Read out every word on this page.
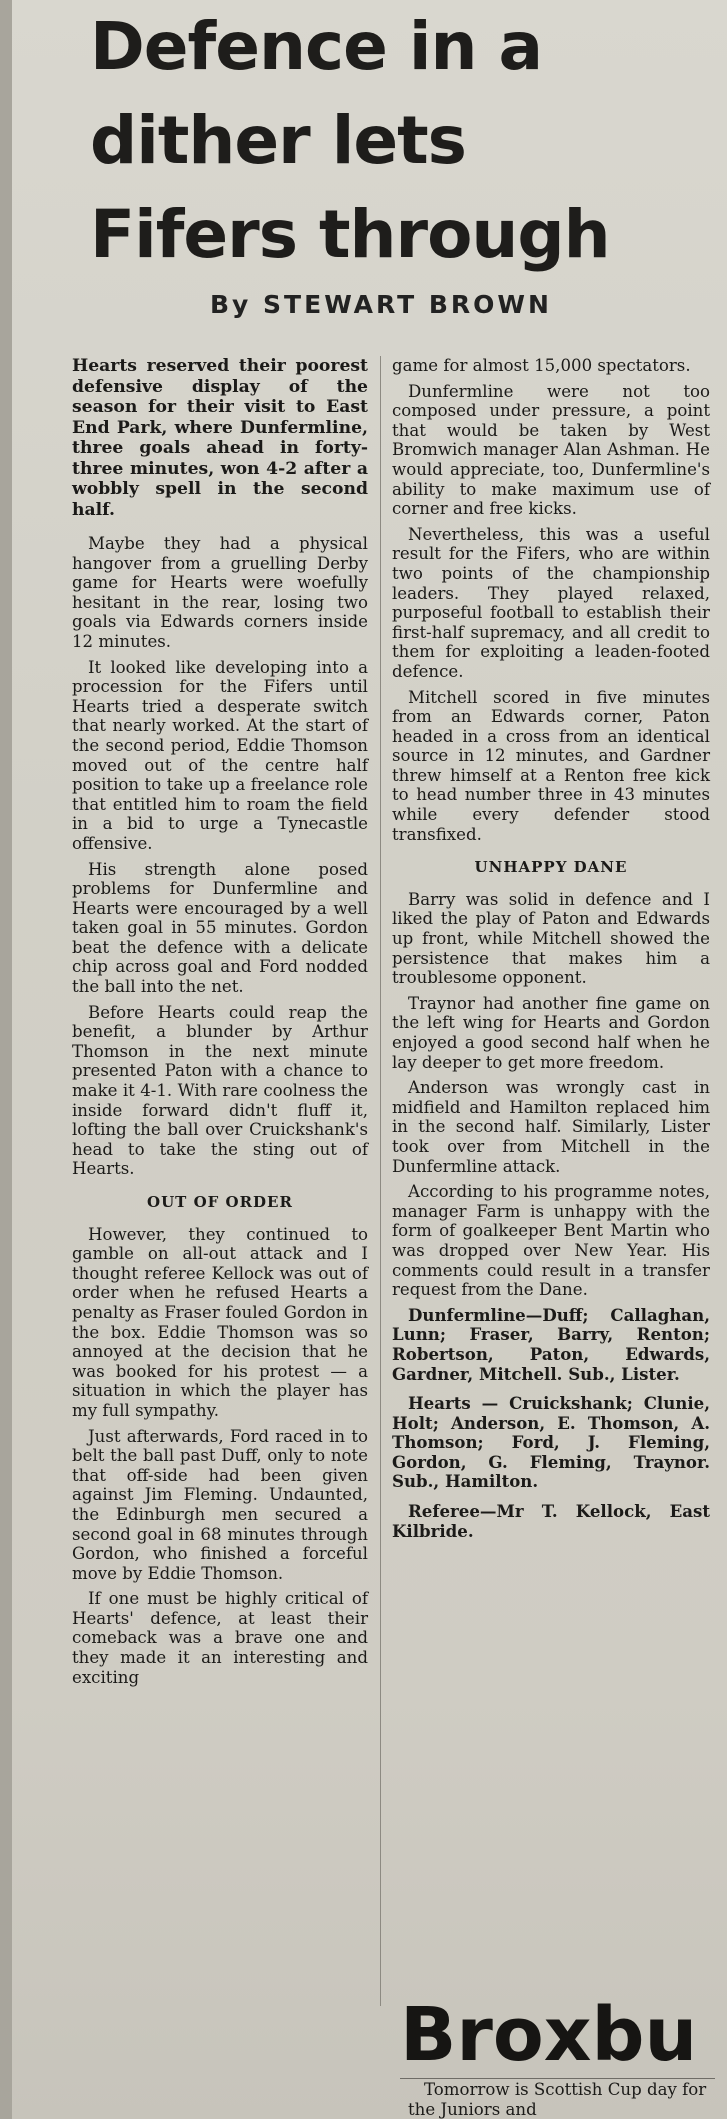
Defence in a
dither lets
Fifers through
By STEWART BROWN

Hearts reserved their poorest defensive display of the season for their visit to East End Park, where Dunfermline, three goals ahead in forty-three minutes, won 4-2 after a wobbly spell in the second half.

Maybe they had a physical hangover from a gruelling Derby game for Hearts were woefully hesitant in the rear, losing two goals via Edwards corners inside 12 minutes.

It looked like developing into a procession for the Fifers until Hearts tried a desperate switch that nearly worked. At the start of the second period, Eddie Thomson moved out of the centre half position to take up a freelance role that entitled him to roam the field in a bid to urge a Tynecastle offensive.

His strength alone posed problems for Dunfermline and Hearts were encouraged by a well taken goal in 55 minutes. Gordon beat the defence with a delicate chip across goal and Ford nodded the ball into the net.

Before Hearts could reap the benefit, a blunder by Arthur Thomson in the next minute presented Paton with a chance to make it 4-1. With rare coolness the inside forward didn't fluff it, lofting the ball over Cruickshank's head to take the sting out of Hearts.

OUT OF ORDER

However, they continued to gamble on all-out attack and I thought referee Kellock was out of order when he refused Hearts a penalty as Fraser fouled Gordon in the box. Eddie Thomson was so annoyed at the decision that he was booked for his protest — a situation in which the player has my full sympathy.

Just afterwards, Ford raced in to belt the ball past Duff, only to note that off-side had been given against Jim Fleming. Undaunted, the Edinburgh men secured a second goal in 68 minutes through Gordon, who finished a forceful move by Eddie Thomson.

If one must be highly critical of Hearts' defence, at least their comeback was a brave one and they made it an interesting and exciting

game for almost 15,000 spectators.

Dunfermline were not too composed under pressure, a point that would be taken by West Bromwich manager Alan Ashman. He would appreciate, too, Dunfermline's ability to make maximum use of corner and free kicks.

Nevertheless, this was a useful result for the Fifers, who are within two points of the championship leaders. They played relaxed, purposeful football to establish their first-half supremacy, and all credit to them for exploiting a leaden-footed defence.

Mitchell scored in five minutes from an Edwards corner, Paton headed in a cross from an identical source in 12 minutes, and Gardner threw himself at a Renton free kick to head number three in 43 minutes while every defender stood transfixed.

UNHAPPY DANE

Barry was solid in defence and I liked the play of Paton and Edwards up front, while Mitchell showed the persistence that makes him a troublesome opponent.

Traynor had another fine game on the left wing for Hearts and Gordon enjoyed a good second half when he lay deeper to get more freedom.

Anderson was wrongly cast in midfield and Hamilton replaced him in the second half. Similarly, Lister took over from Mitchell in the Dunfermline attack.

According to his programme notes, manager Farm is unhappy with the form of goalkeeper Bent Martin who was dropped over New Year. His comments could result in a transfer request from the Dane.

Dunfermline—Duff; Callaghan, Lunn; Fraser, Barry, Renton; Robertson, Paton, Edwards, Gardner, Mitchell. Sub., Lister.

Hearts — Cruickshank; Clunie, Holt; Anderson, E. Thomson, A. Thomson; Ford, J. Fleming, Gordon, G. Fleming, Traynor. Sub., Hamilton.

Referee—Mr T. Kellock, East Kilbride.

Broxbu
Tomorrow is Scottish Cup day for the Juniors and
